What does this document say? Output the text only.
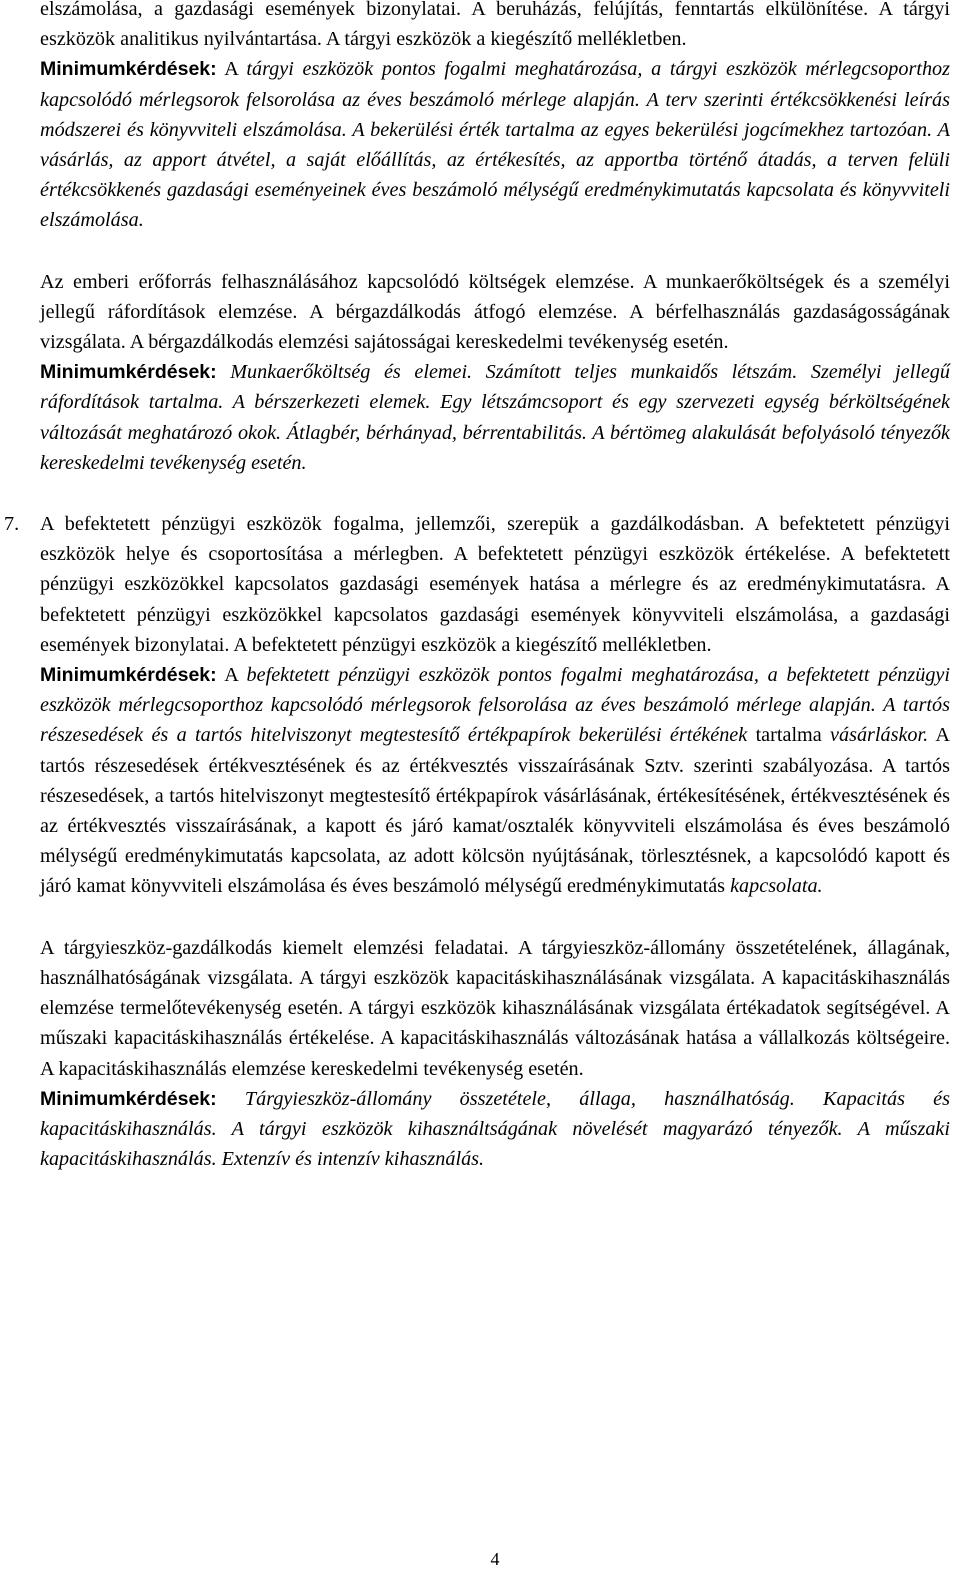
elszámolása, a gazdasági események bizonylatai. A beruházás, felújítás, fenntartás elkülönítése. A tárgyi eszközök analitikus nyilvántartása. A tárgyi eszközök a kiegészítő mellékletben.
Minimumkérdések: A tárgyi eszközök pontos fogalmi meghatározása, a tárgyi eszközök mérlegcsoporthoz kapcsolódó mérlegsorok felsorolása az éves beszámoló mérlege alapján. A terv szerinti értékcsökkenési leírás módszerei és könyvviteli elszámolása. A bekerülési érték tartalma az egyes bekerülési jogcímekhez tartozóan. A vásárlás, az apport átvétel, a saját előállítás, az értékesítés, az apportba történő átadás, a terven felüli értékcsökkenés gazdasági eseményeinek éves beszámoló mélységű eredménykimutatás kapcsolata és könyvviteli elszámolása.

Az emberi erőforrás felhasználásához kapcsolódó költségek elemzése. A munkaerőköltségek és a személyi jellegű ráfordítások elemzése. A bérgazdálkodás átfogó elemzése. A bérfelhasználás gazdaságosságának vizsgálata. A bérgazdálkodás elemzési sajátosságai kereskedelmi tevékenység esetén.
Minimumkérdések: Munkaerőköltség és elemei. Számított teljes munkaidős létszám. Személyi jellegű ráfordítások tartalma. A bérszerkezeti elemek. Egy létszámcsoport és egy szervezeti egység bérköltségének változását meghatározó okok. Átlagbér, bérhányad, bérrentabilitás. A bértömeg alakulását befolyásoló tényezők kereskedelmi tevékenység esetén.

7. A befektetett pénzügyi eszközök fogalma, jellemzői, szerepük a gazdálkodásban. A befektetett pénzügyi eszközök helye és csoportosítása a mérlegben. A befektetett pénzügyi eszközök értékelése. A befektetett pénzügyi eszközökkel kapcsolatos gazdasági események hatása a mérlegre és az eredménykimutatásra. A befektetett pénzügyi eszközökkel kapcsolatos gazdasági események könyvviteli elszámolása, a gazdasági események bizonylatai. A befektetett pénzügyi eszközök a kiegészítő mellékletben.
Minimumkérdések: A befektetett pénzügyi eszközök pontos fogalmi meghatározása, a befektetett pénzügyi eszközök mérlegcsoporthoz kapcsolódó mérlegsorok felsorolása az éves beszámoló mérlege alapján. A tartós részesedések és a tartós hitelviszonyt megtestesítő értékpapírok bekerülési értékének tartalma vásárláskor. A tartós részesedések értékvesztésének és az értékvesztés visszaírásának Sztv. szerinti szabályozása. A tartós részesedések, a tartós hitelviszonyt megtestesítő értékpapírok vásárlásának, értékesítésének, értékvesztésének és az értékvesztés visszaírásának, a kapott és járó kamat/osztalék könyvviteli elszámolása és éves beszámoló mélységű eredménykimutatás kapcsolata, az adott kölcsön nyújtásának, törlesztésnek, a kapcsolódó kapott és járó kamat könyvviteli elszámolása és éves beszámoló mélységű eredménykimutatás kapcsolata.

A tárgyieszköz-gazdálkodás kiemelt elemzési feladatai. A tárgyieszköz-állomány összetételének, állagának, használhatóságának vizsgálata. A tárgyi eszközök kapacitáskihasználásának vizsgálata. A kapacitáskihasználás elemzése termelőtevékenység esetén. A tárgyi eszközök kihasználásának vizsgálata értékadatok segítségével. A műszaki kapacitáskihasználás értékelése. A kapacitáskihasználás változásának hatása a vállalkozás költségeire. A kapacitáskihasználás elemzése kereskedelmi tevékenység esetén.
Minimumkérdések: Tárgyieszköz-állomány összetétele, állaga, használhatóság. Kapacitás és kapacitáskihasználás. A tárgyi eszközök kihasználtságának növelését magyarázó tényezők. A műszaki kapacitáskihasználás. Extenzív és intenzív kihasználás.

4
